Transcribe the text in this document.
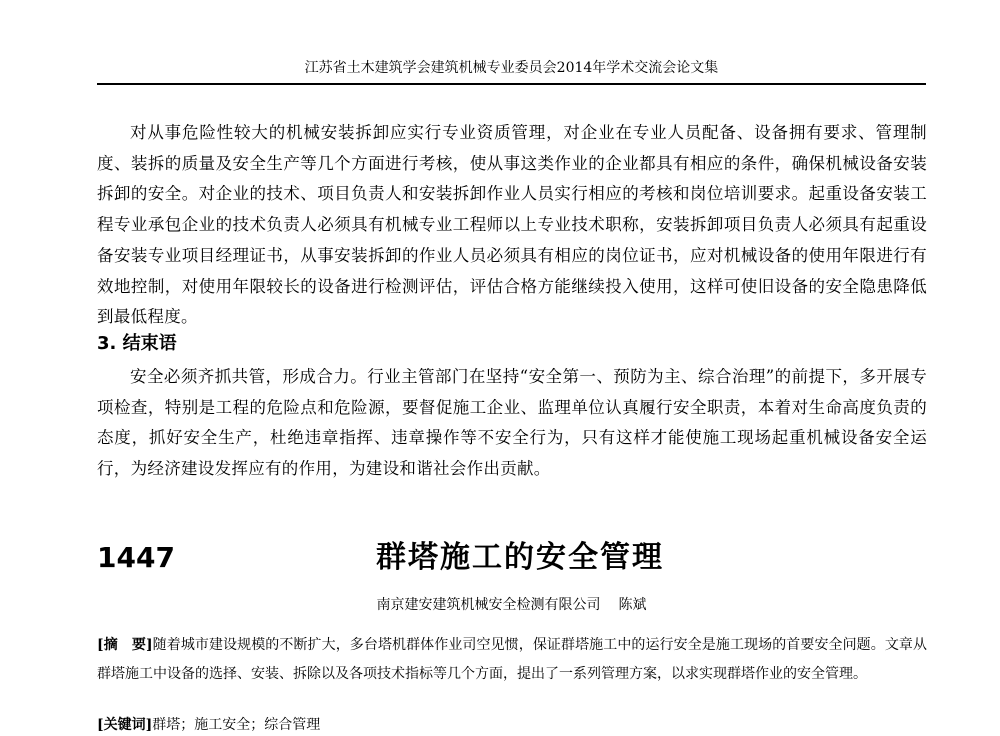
江苏省土木建筑学会建筑机械专业委员会2014年学术交流会论文集

对从事危险性较大的机械安装拆卸应实行专业资质管理，对企业在专业人员配备、设备拥有要求、管理制度、装拆的质量及安全生产等几个方面进行考核，使从事这类作业的企业都具有相应的条件，确保机械设备安装拆卸的安全。对企业的技术、项目负责人和安装拆卸作业人员实行相应的考核和岗位培训要求。起重设备安装工程专业承包企业的技术负责人必须具有机械专业工程师以上专业技术职称，安装拆卸项目负责人必须具有起重设备安装专业项目经理证书，从事安装拆卸的作业人员必须具有相应的岗位证书，应对机械设备的使用年限进行有效地控制，对使用年限较长的设备进行检测评估，评估合格方能继续投入使用，这样可使旧设备的安全隐患降低到最低程度。

3. 结束语

安全必须齐抓共管，形成合力。行业主管部门在坚持“安全第一、预防为主、综合治理”的前提下，多开展专项检查，特别是工程的危险点和危险源，要督促施工企业、监理单位认真履行安全职责，本着对生命高度负责的态度，抓好安全生产，杜绝违章指挥、违章操作等不安全行为，只有这样才能使施工现场起重机械设备安全运行，为经济建设发挥应有的作用，为建设和谐社会作出贡献。

1447	群塔施工的安全管理
南京建安建筑机械安全检测有限公司 陈斌
[摘　要]随着城市建设规模的不断扩大，多台塔机群体作业司空见惯，保证群塔施工中的运行安全是施工现场的首要安全问题。文章从群塔施工中设备的选择、安装、拆除以及各项技术指标等几个方面，提出了一系列管理方案，以求实现群塔作业的安全管理。
[关键词]群塔；施工安全；综合管理
